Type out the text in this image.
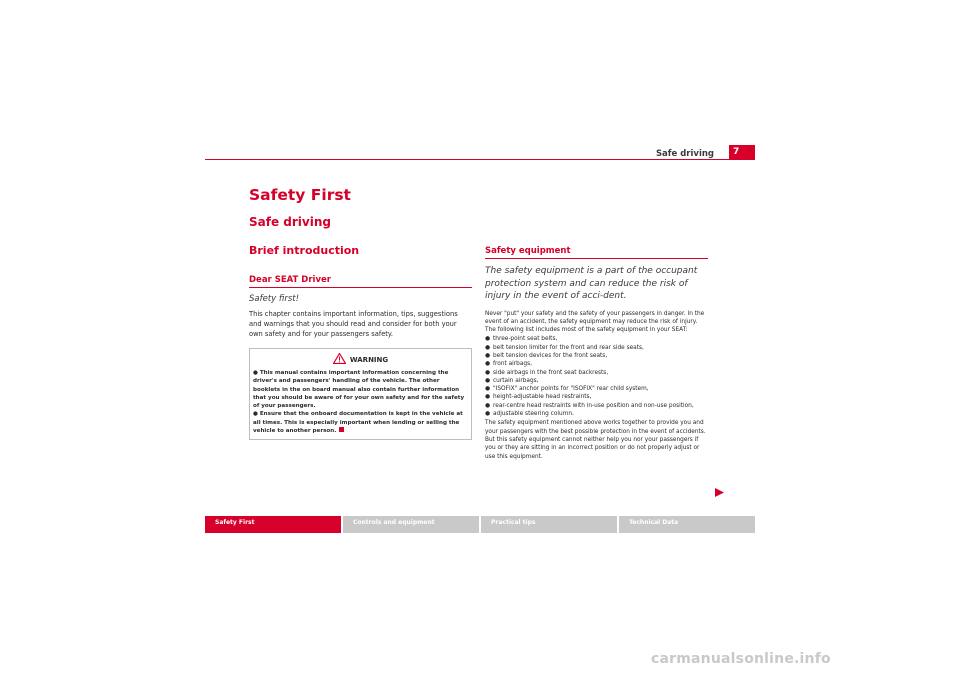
Safe driving	7
Safety First
Safe driving
Brief introduction
Dear SEAT Driver

Safety first!

This chapter contains important information, tips, suggestions and warnings that you should read and consider for both your own safety and for your passengers safety.

WARNING
● This manual contains important information concerning the driver's and passengers' handling of the vehicle. The other booklets in the on board manual also contain further information that you should be aware of for your own safety and for the safety of your passengers.
● Ensure that the onboard documentation is kept in the vehicle at all times. This is especially important when lending or selling the vehicle to another person.
Safety equipment

The safety equipment is a part of the occupant protection system and can reduce the risk of injury in the event of acci-dent.

Never "put" your safety and the safety of your passengers in danger. In the event of an accident, the safety equipment may reduce the risk of injury. The following list includes most of the safety equipment in your SEAT:

● three-point seat belts,
● belt tension limiter for the front and rear side seats,
● belt tension devices for the front seats,
● front airbags,
● side airbags in the front seat backrests,
● curtain airbags,
● "ISOFIX" anchor points for "ISOFIX" rear child system,
● height-adjustable head restraints,
● rear-centre head restraints with in-use position and non-use position,
● adjustable steering column.

The safety equipment mentioned above works together to provide you and your passengers with the best possible protection in the event of accidents. But this safety equipment cannot neither help you nor your passengers if you or they are sitting in an incorrect position or do not properly adjust or use this equipment.

Safety First	Controls and equipment	Practical tips	Technical Data
carmanualsonline.info
